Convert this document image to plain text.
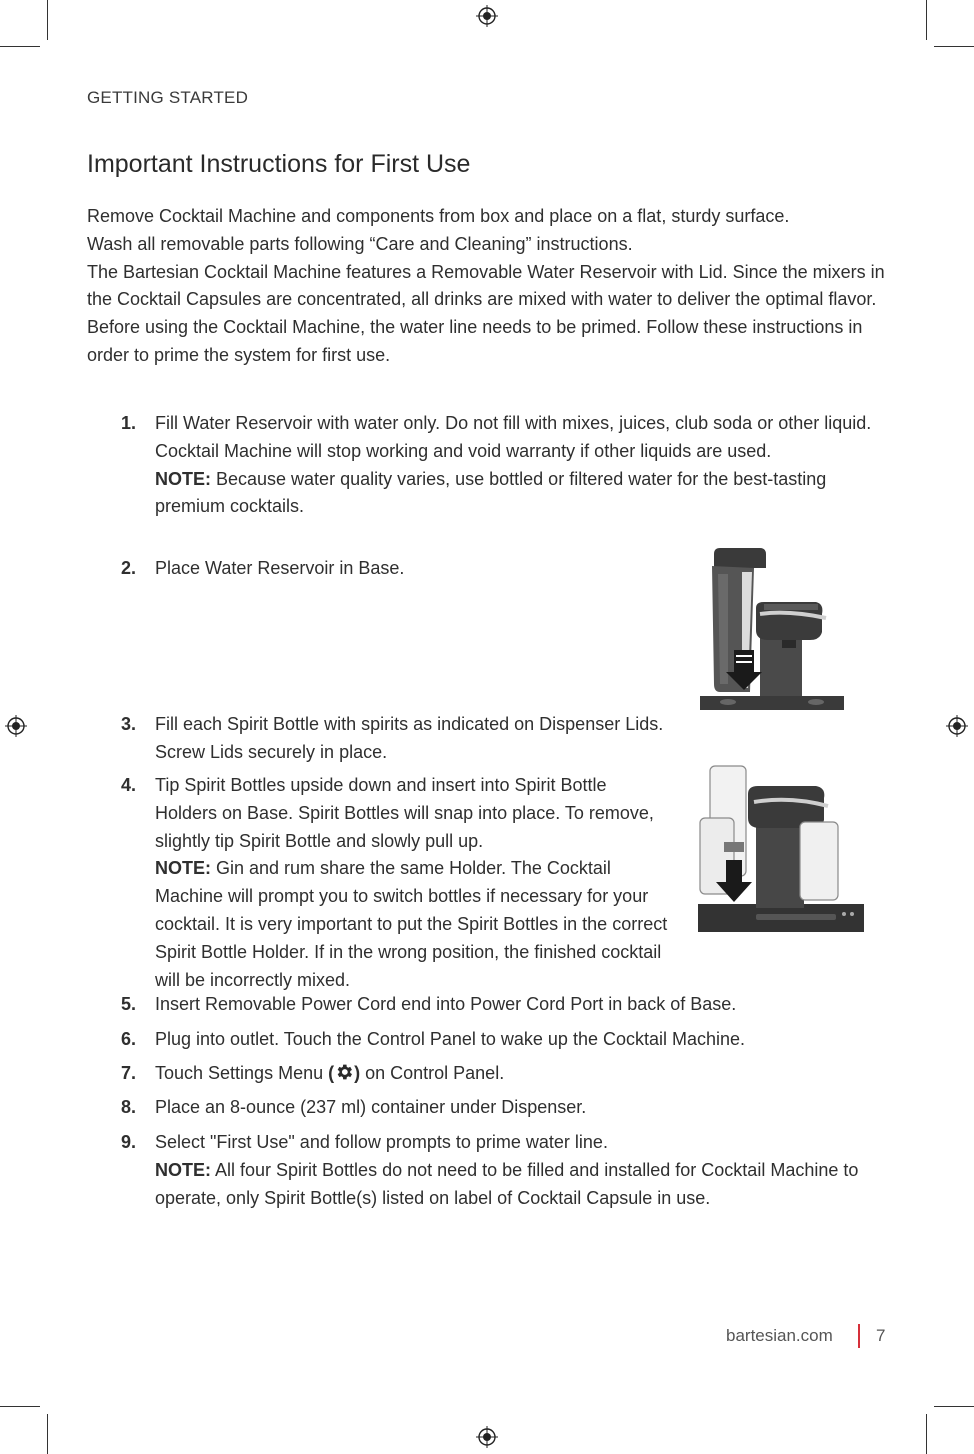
GETTING STARTED
Important Instructions for First Use

Remove Cocktail Machine and components from box and place on a flat, sturdy surface.

Wash all removable parts following “Care and Cleaning” instructions.

The Bartesian Cocktail Machine features a Removable Water Reservoir with Lid. Since the mixers in the Cocktail Capsules are concentrated, all drinks are mixed with water to deliver the optimal flavor. Before using the Cocktail Machine, the water line needs to be primed. Follow these instructions in order to prime the system for first use.

1. Fill Water Reservoir with water only. Do not fill with mixes, juices, club soda or other liquid. Cocktail Machine will stop working and void warranty if other liquids are used.

NOTE: Because water quality varies, use bottled or filtered water for the best-tasting premium cocktails.

2. Place Water Reservoir in Base.

3. Fill each Spirit Bottle with spirits as indicated on Dispenser Lids. Screw Lids securely in place.

4. Tip Spirit Bottles upside down and insert into Spirit Bottle Holders on Base. Spirit Bottles will snap into place. To remove, slightly tip Spirit Bottle and slowly pull up.

NOTE: Gin and rum share the same Holder. The Cocktail Machine will prompt you to switch bottles if necessary for your cocktail. It is very important to put the Spirit Bottles in the correct Spirit Bottle Holder. If in the wrong position, the finished cocktail will be incorrectly mixed.

5. Insert Removable Power Cord end into Power Cord Port in back of Base.

6. Plug into outlet. Touch the Control Panel to wake up the Cocktail Machine.

7. Touch Settings Menu ( ) on Control Panel.

8. Place an 8-ounce (237 ml) container under Dispenser.

9. Select "First Use" and follow prompts to prime water line.

NOTE: All four Spirit Bottles do not need to be filled and installed for Cocktail Machine to operate, only Spirit Bottle(s) listed on label of Cocktail Capsule in use.

bartesian.com	7
